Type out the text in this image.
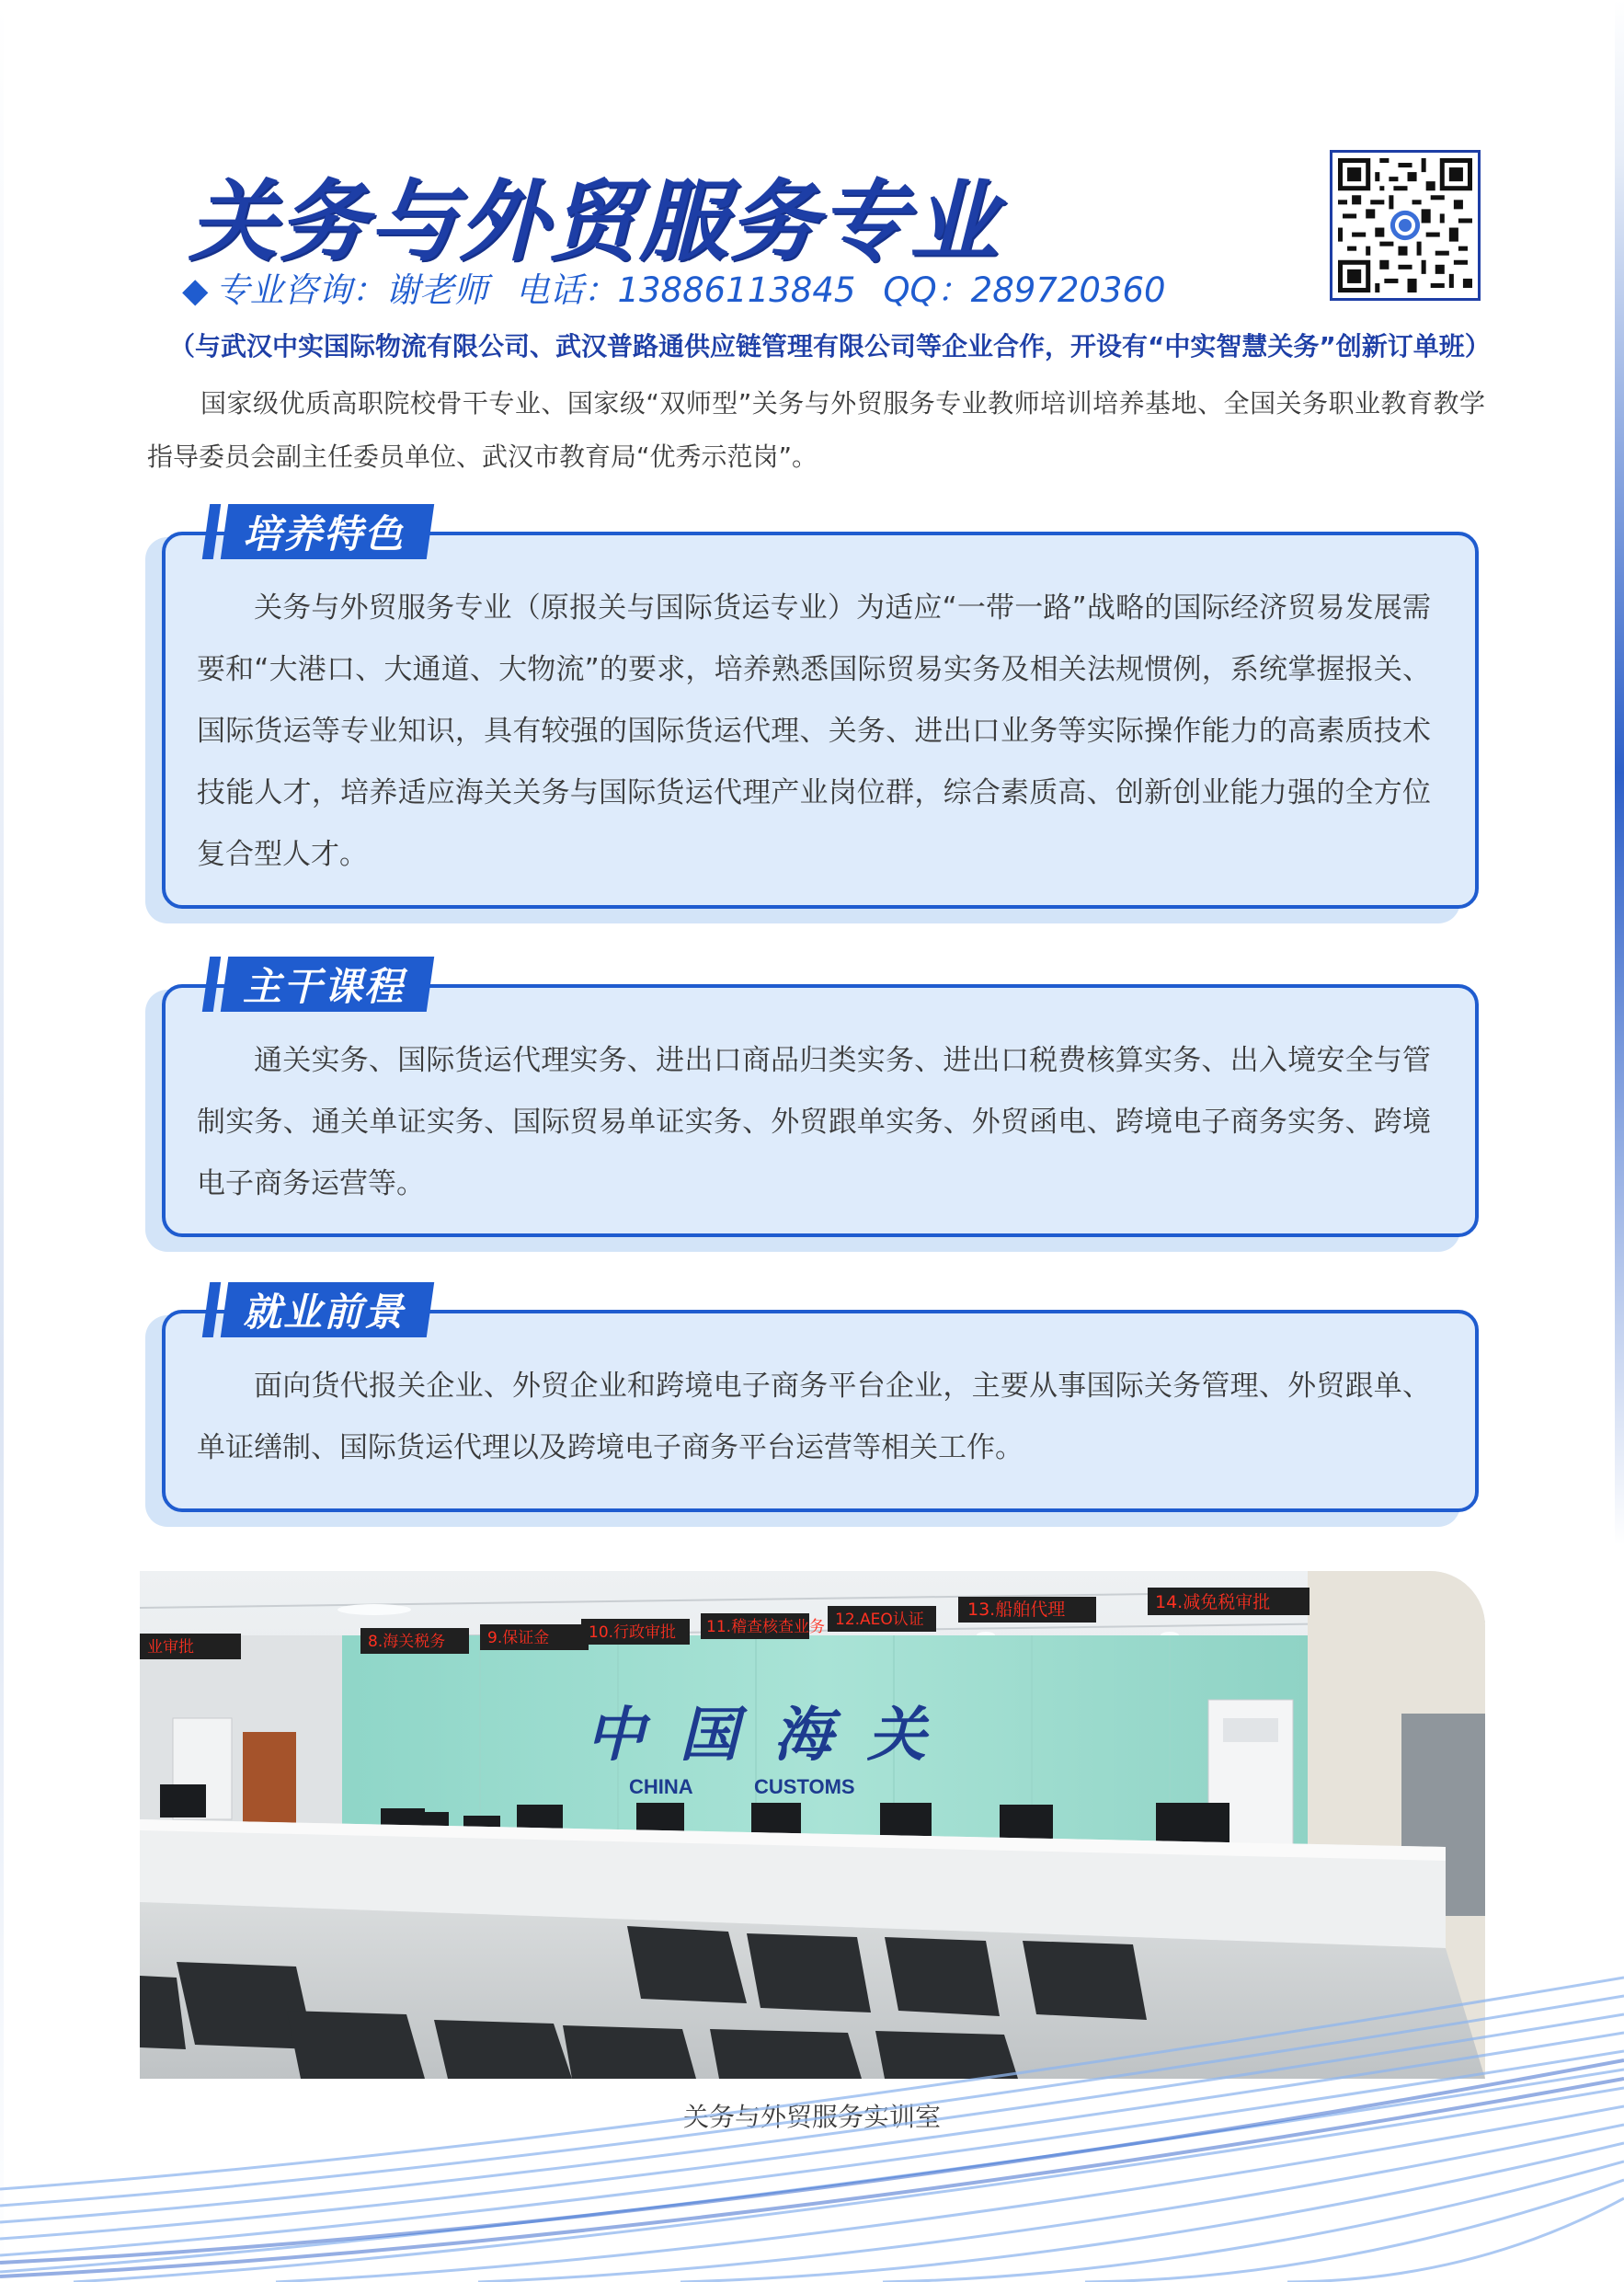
关务与外贸服务专业
◆ 专业咨询：谢老师 电话：13886113845 QQ：289720360
（与武汉中实国际物流有限公司、武汉普路通供应链管理有限公司等企业合作，开设有“中实智慧关务”创新订单班）
国家级优质高职院校骨干专业、国家级“双师型”关务与外贸服务专业教师培训培养基地、全国关务职业教育教学指导委员会副主任委员单位、武汉市教育局“优秀示范岗”。
培养特色
关务与外贸服务专业（原报关与国际货运专业）为适应“一带一路”战略的国际经济贸易发展需要和“大港口、大通道、大物流”的要求，培养熟悉国际贸易实务及相关法规惯例，系统掌握报关、国际货运等专业知识，具有较强的国际货运代理、关务、进出口业务等实际操作能力的高素质技术技能人才，培养适应海关关务与国际货运代理产业岗位群，综合素质高、创新创业能力强的全方位复合型人才。
主干课程
通关实务、国际货运代理实务、进出口商品归类实务、进出口税费核算实务、出入境安全与管制实务、通关单证实务、国际贸易单证实务、外贸跟单实务、外贸函电、跨境电子商务实务、跨境电子商务运营等。
就业前景
面向货代报关企业、外贸企业和跨境电子商务平台企业，主要从事国际关务管理、外贸跟单、单证缮制、国际货运代理以及跨境电子商务平台运营等相关工作。
业审批	8.海关税务	9.保证金	10.行政审批 11.稽查核查业务 12.AEO认证 13.船舶代理	14.减免税审批
中国海关
CHINA	CUSTOMS
关务与外贸服务实训室
